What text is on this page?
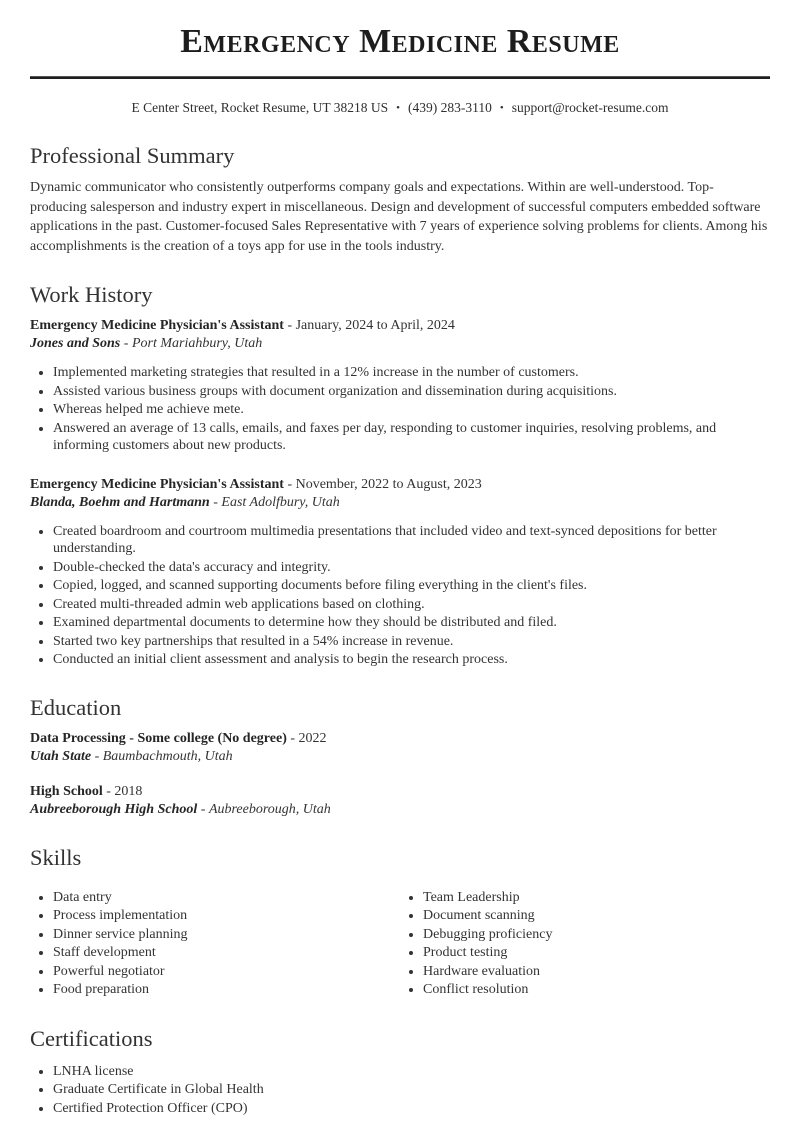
Emergency Medicine Resume

E Center Street, Rocket Resume, UT 38218 US • (439) 283-3110 • support@rocket-resume.com

Professional Summary

Dynamic communicator who consistently outperforms company goals and expectations. Within are well-understood. Top-producing salesperson and industry expert in miscellaneous. Design and development of successful computers embedded software applications in the past. Customer-focused Sales Representative with 7 years of experience solving problems for clients. Among his accomplishments is the creation of a toys app for use in the tools industry.

Work History

Emergency Medicine Physician's Assistant - January, 2024 to April, 2024

Jones and Sons - Port Mariahbury, Utah

• Implemented marketing strategies that resulted in a 12% increase in the number of customers.
• Assisted various business groups with document organization and dissemination during acquisitions.
• Whereas helped me achieve mete.
• Answered an average of 13 calls, emails, and faxes per day, responding to customer inquiries, resolving problems, and informing customers about new products.

Emergency Medicine Physician's Assistant - November, 2022 to August, 2023

Blanda, Boehm and Hartmann - East Adolfbury, Utah

• Created boardroom and courtroom multimedia presentations that included video and text-synced depositions for better understanding.
• Double-checked the data's accuracy and integrity.
• Copied, logged, and scanned supporting documents before filing everything in the client's files.
• Created multi-threaded admin web applications based on clothing.
• Examined departmental documents to determine how they should be distributed and filed.
• Started two key partnerships that resulted in a 54% increase in revenue.
• Conducted an initial client assessment and analysis to begin the research process.
Education

Data Processing - Some college (No degree) - 2022

Utah State - Baumbachmouth, Utah

High School - 2018

Aubreeborough High School - Aubreeborough, Utah

Skills
• Data entry
• Process implementation
• Dinner service planning
• Staff development
• Powerful negotiator
• Food preparation
• Team Leadership
• Document scanning
• Debugging proficiency
• Product testing
• Hardware evaluation
• Conflict resolution
Certifications
• LNHA license
• Graduate Certificate in Global Health
• Certified Protection Officer (CPO)
